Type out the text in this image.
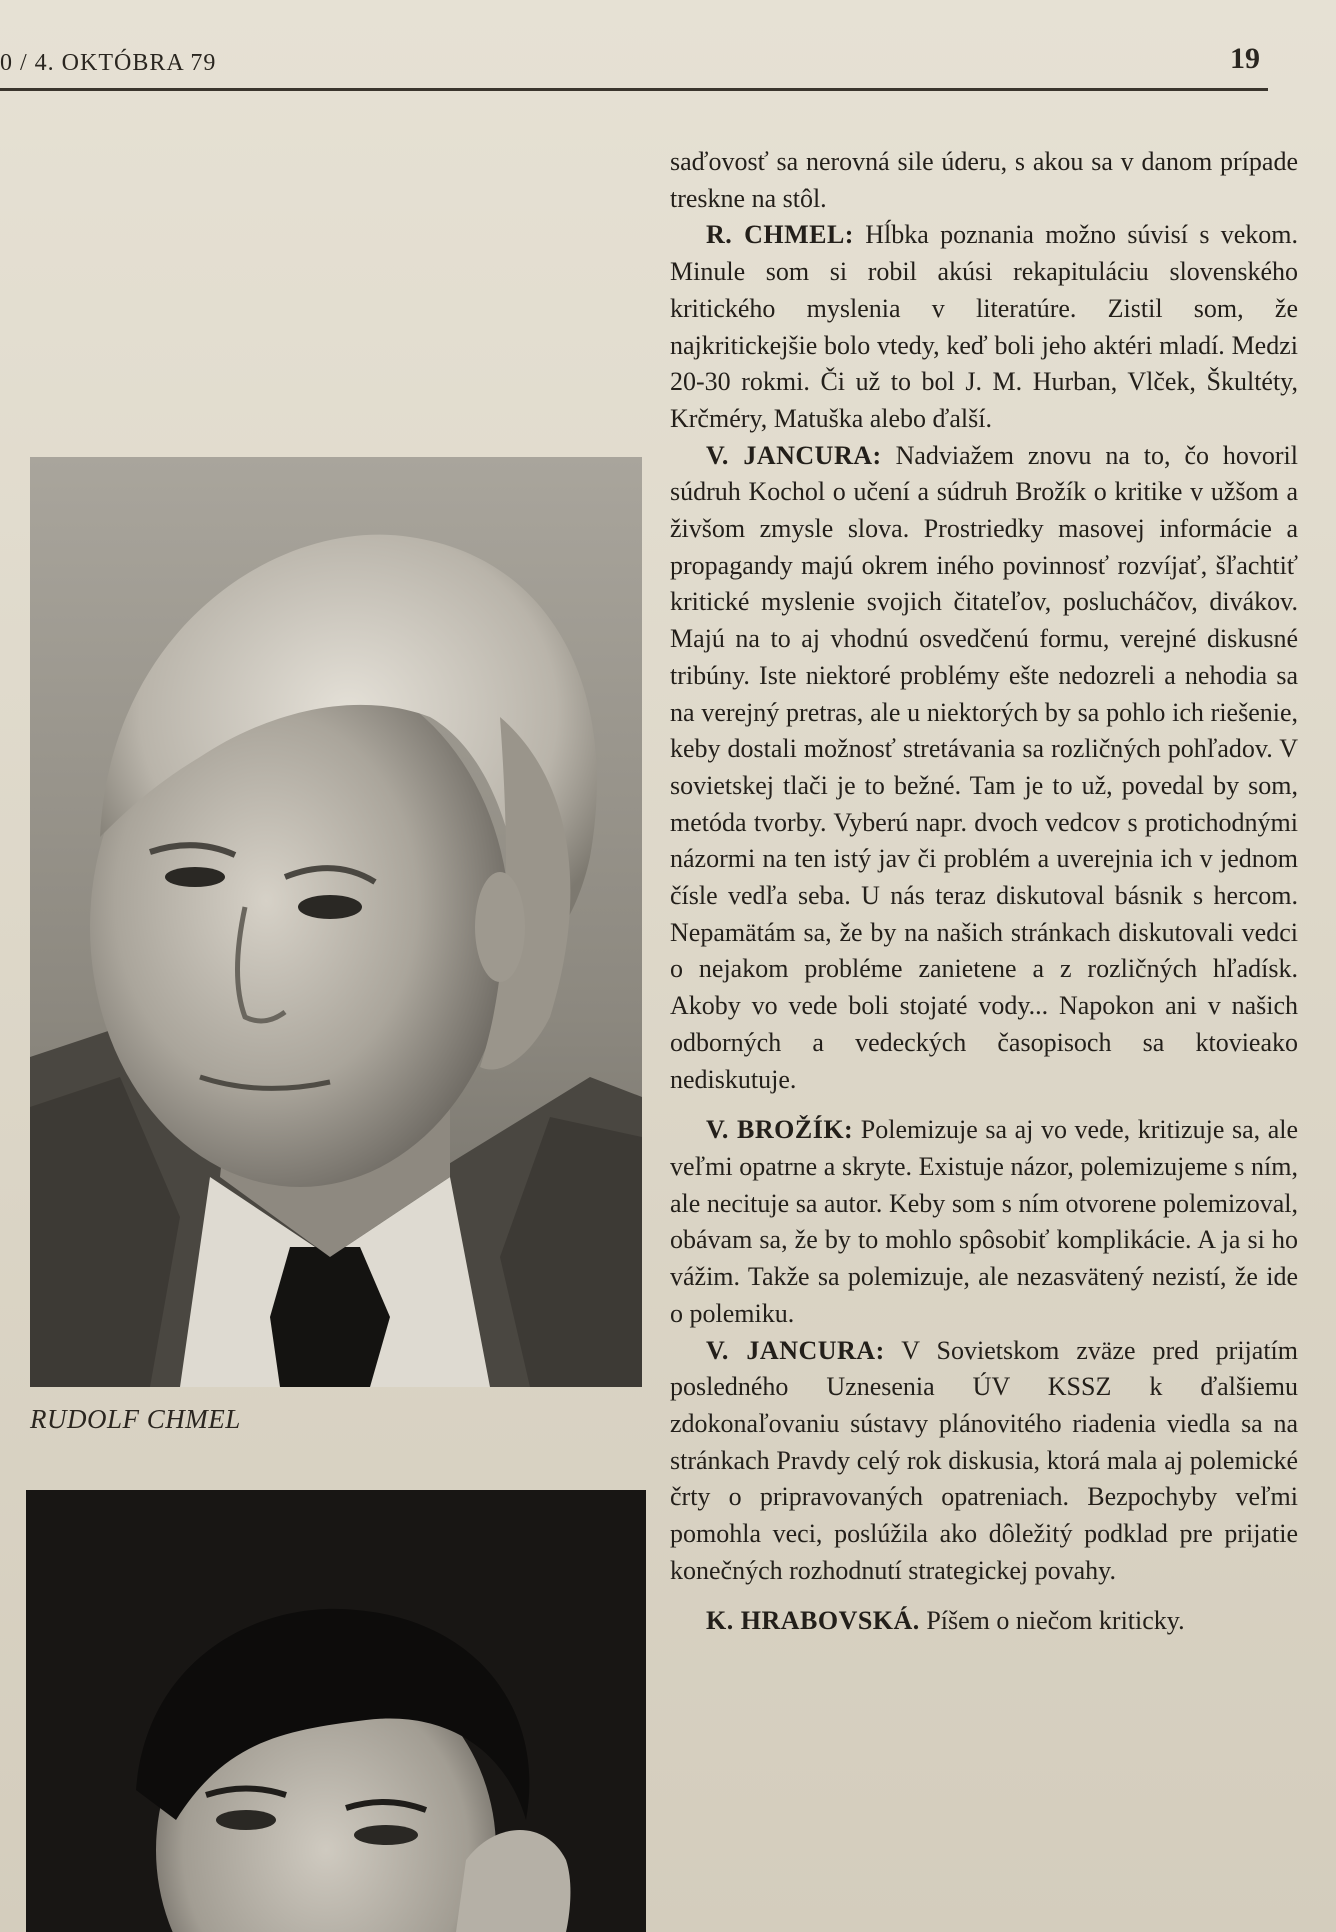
0 / 4. OKTÓBRA 79	19
RUDOLF CHMEL

saďovosť sa nerovná sile úderu, s akou sa v danom prípade treskne na stôl.

R. CHMEL: Hĺbka poznania možno súvisí s vekom. Minule som si robil akúsi rekapituláciu slovenského kritického myslenia v literatúre. Zistil som, že najkritickejšie bolo vtedy, keď boli jeho aktéri mladí. Medzi 20-30 rokmi. Či už to bol J. M. Hurban, Vlček, Škultéty, Krčméry, Matuška alebo ďalší.

V. JANCURA: Nadviažem znovu na to, čo hovoril súdruh Kochol o učení a súdruh Brožík o kritike v užšom a živšom zmysle slova. Prostriedky masovej informácie a propagandy majú okrem iného povinnosť rozvíjať, šľachtiť kritické myslenie svojich čitateľov, poslucháčov, divákov. Majú na to aj vhodnú osvedčenú formu, verejné diskusné tribúny. Iste niektoré problémy ešte nedozreli a nehodia sa na verejný pretras, ale u niektorých by sa pohlo ich riešenie, keby dostali možnosť stretávania sa rozličných pohľadov. V sovietskej tlači je to bežné. Tam je to už, povedal by som, metóda tvorby. Vyberú napr. dvoch vedcov s protichodnými názormi na ten istý jav či problém a uverejnia ich v jednom čísle vedľa seba. U nás teraz diskutoval básnik s hercom. Nepamätám sa, že by na našich stránkach diskutovali vedci o nejakom probléme zanietene a z rozličných hľadísk. Akoby vo vede boli stojaté vody... Napokon ani v našich odborných a vedeckých časopisoch sa ktovieako nediskutuje.

V. BROŽÍK: Polemizuje sa aj vo vede, kritizuje sa, ale veľmi opatrne a skryte. Existuje názor, polemizujeme s ním, ale necituje sa autor. Keby som s ním otvorene polemizoval, obávam sa, že by to mohlo spôsobiť komplikácie. A ja si ho vážim. Takže sa polemizuje, ale nezasvätený nezistí, že ide o polemiku.

V. JANCURA: V Sovietskom zväze pred prijatím posledného Uznesenia ÚV KSSZ k ďalšiemu zdokonaľovaniu sústavy plánovitého riadenia viedla sa na stránkach Pravdy celý rok diskusia, ktorá mala aj polemické črty o pripravovaných opatreniach. Bezpochyby veľmi pomohla veci, poslúžila ako dôležitý podklad pre prijatie konečných rozhodnutí strategickej povahy.

K. HRABOVSKÁ. Píšem o niečom kriticky.
